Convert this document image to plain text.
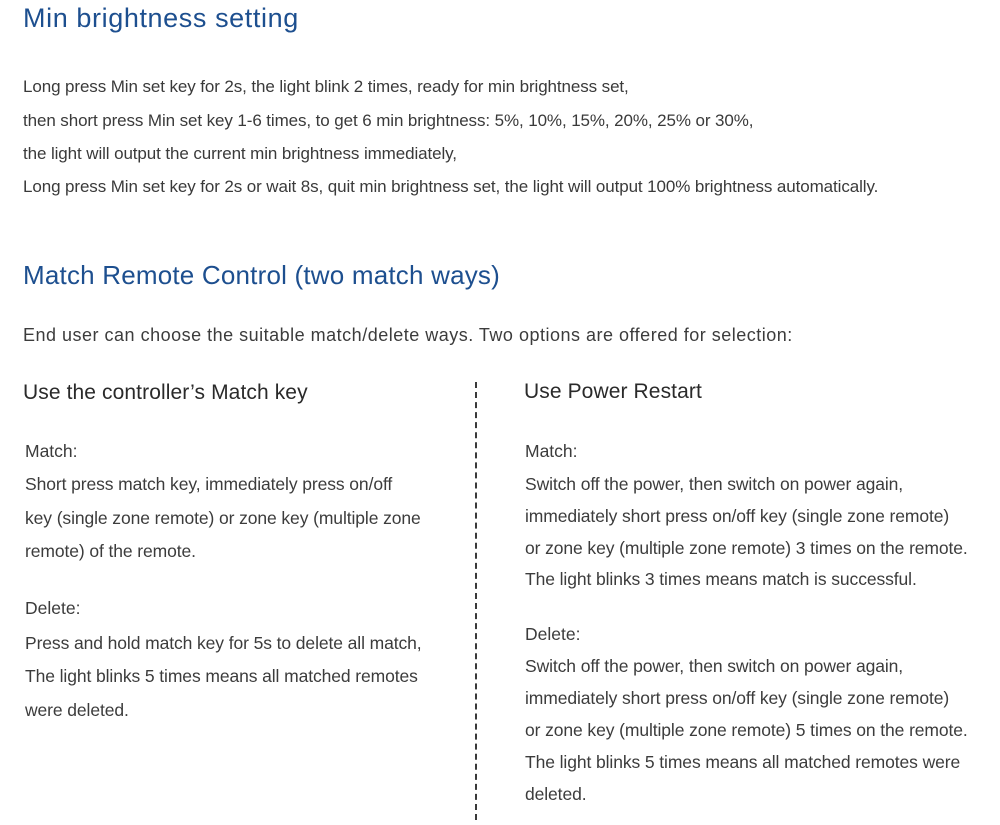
Min brightness setting
Long press Min set key for 2s, the light blink 2 times, ready for min brightness set,
then short press Min set key 1-6 times, to get 6 min brightness: 5%, 10%, 15%, 20%, 25% or 30%,
the light will output the current min brightness immediately,
Long press Min set key for 2s or wait 8s, quit min brightness set, the light will output 100% brightness automatically.
Match Remote Control (two match ways)
End user can choose the suitable match/delete ways. Two options are offered for selection:
Use the controller’s Match key
Match:
Short press match key, immediately press on/off
key (single zone remote) or zone key (multiple zone
remote) of the remote.
Delete:
Press and hold match key for 5s to delete all match,
The light blinks 5 times means all matched remotes
were deleted.
Use Power Restart
Match:
Switch off the power, then switch on power again,
immediately short press on/off key (single zone remote)
or zone key (multiple zone remote) 3 times on the remote.
The light blinks 3 times means match is successful.
Delete:
Switch off the power, then switch on power again,
immediately short press on/off key (single zone remote)
or zone key (multiple zone remote) 5 times on the remote.
The light blinks 5 times means all matched remotes were
deleted.
